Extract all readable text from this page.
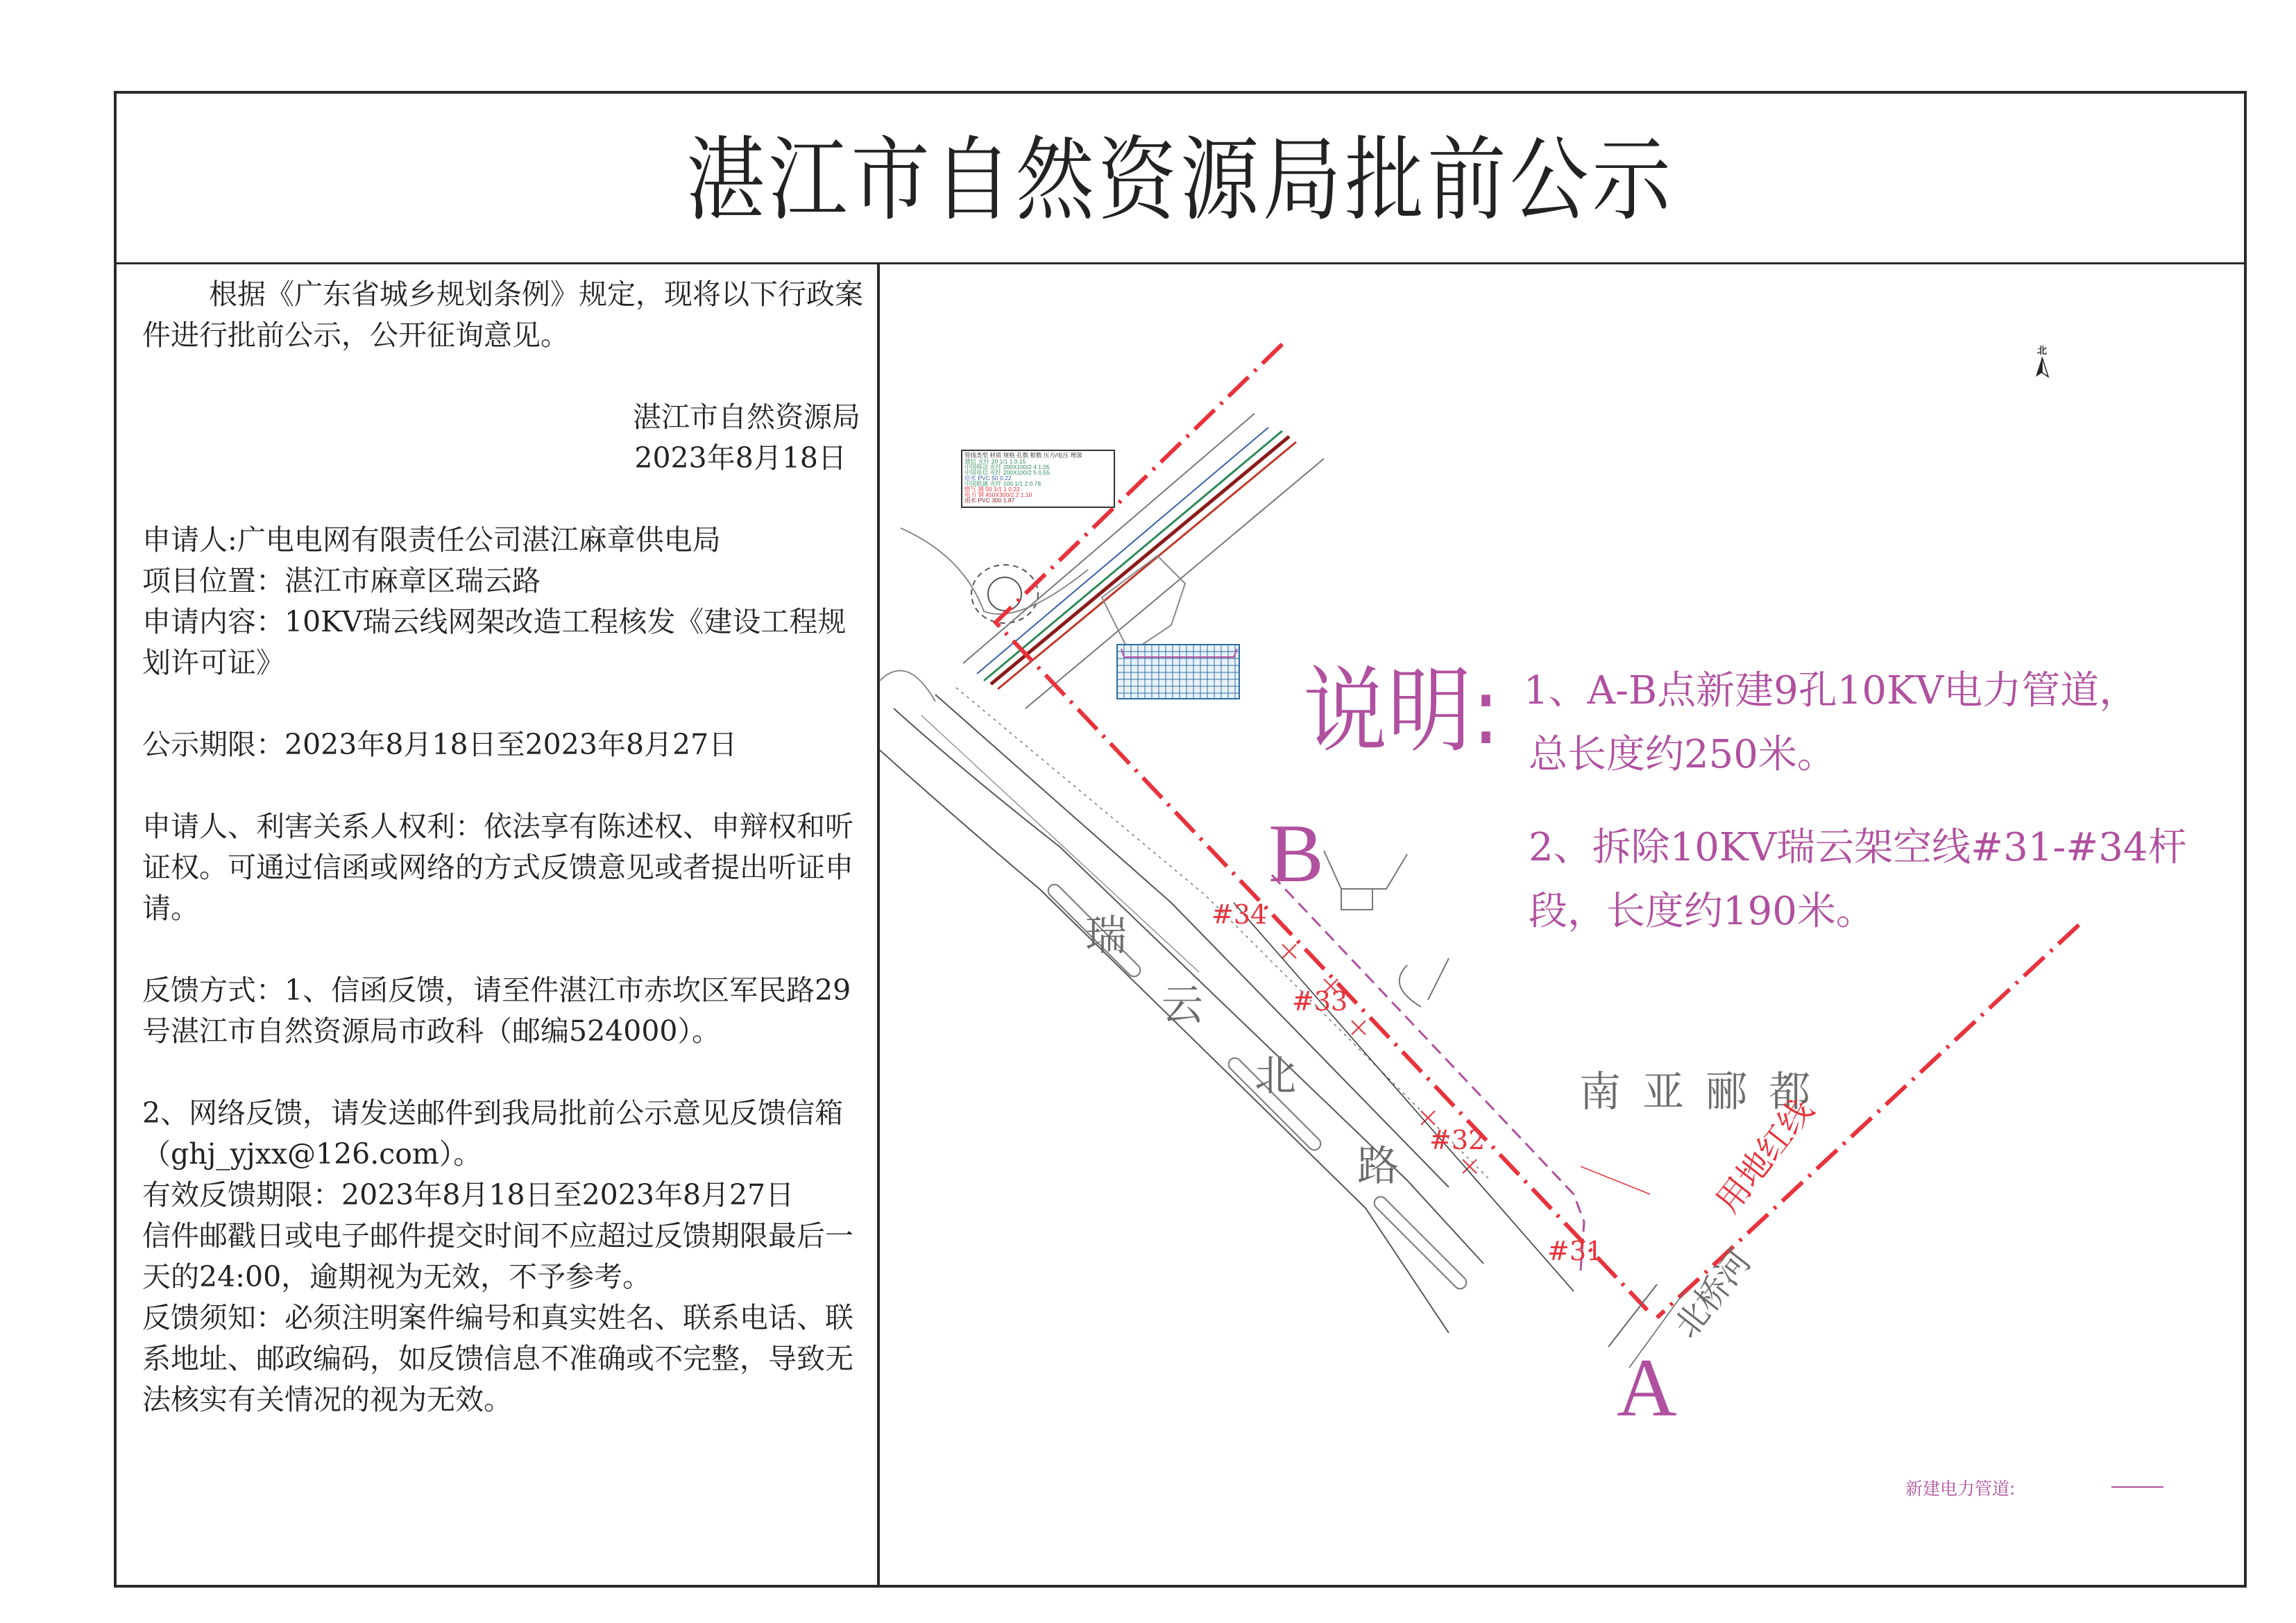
湛江市自然资源局批前公示

根据《广东省城乡规划条例》规定，现将以下行政案件进行批前公示，公开征询意见。

湛江市自然资源局

2023年8月18日

申请人:广电电网有限责任公司湛江麻章供电局

项目位置：湛江市麻章区瑞云路

申请内容：10KV瑞云线网架改造工程核发《建设工程规划许可证》

公示期限：2023年8月18日至2023年8月27日

申请人、利害关系人权利：依法享有陈述权、申辩权和听证权。可通过信函或网络的方式反馈意见或者提出听证申请。

反馈方式：1、信函反馈，请至件湛江市赤坎区军民路29号湛江市自然资源局市政科（邮编524000）。

2、网络反馈，请发送邮件到我局批前公示意见反馈信箱（ghj_yjxx@126.com）。

有效反馈期限：2023年8月18日至2023年8月27日

信件邮戳日或电子邮件提交时间不应超过反馈期限最后一天的24:00，逾期视为无效，不予参考。

反馈须知：必须注明案件编号和真实姓名、联系电话、联系地址、邮政编码，如反馈信息不准确或不完整，导致无法核实有关情况的视为无效。

管线类型 材质 规格 孔数 根数 压力/电压 埋深
通信 光纤 20 1/1 1 0.15
中国移动 光纤 200X100/2 4 1.05
中国电信 光纤 200X100/2 5 0.55
给水 PVC 50 0.22
中国联通 光纤 100 1/1 2 0.78
燃气 钢 50 1/1 1 0.22
电力 钢 450X300/2 2 1.10
雨水 PVC 300 1.87
北
说明: 1、A-B点新建9孔10KV电力管道，
总长度约250米。
2、拆除10KV瑞云架空线#31-#34杆
段，长度约190米。
B
A
#34
#33
#32
#31
瑞
云
北
路
南 亚 郦 都
北桥河
用地红线
新建电力管道:
